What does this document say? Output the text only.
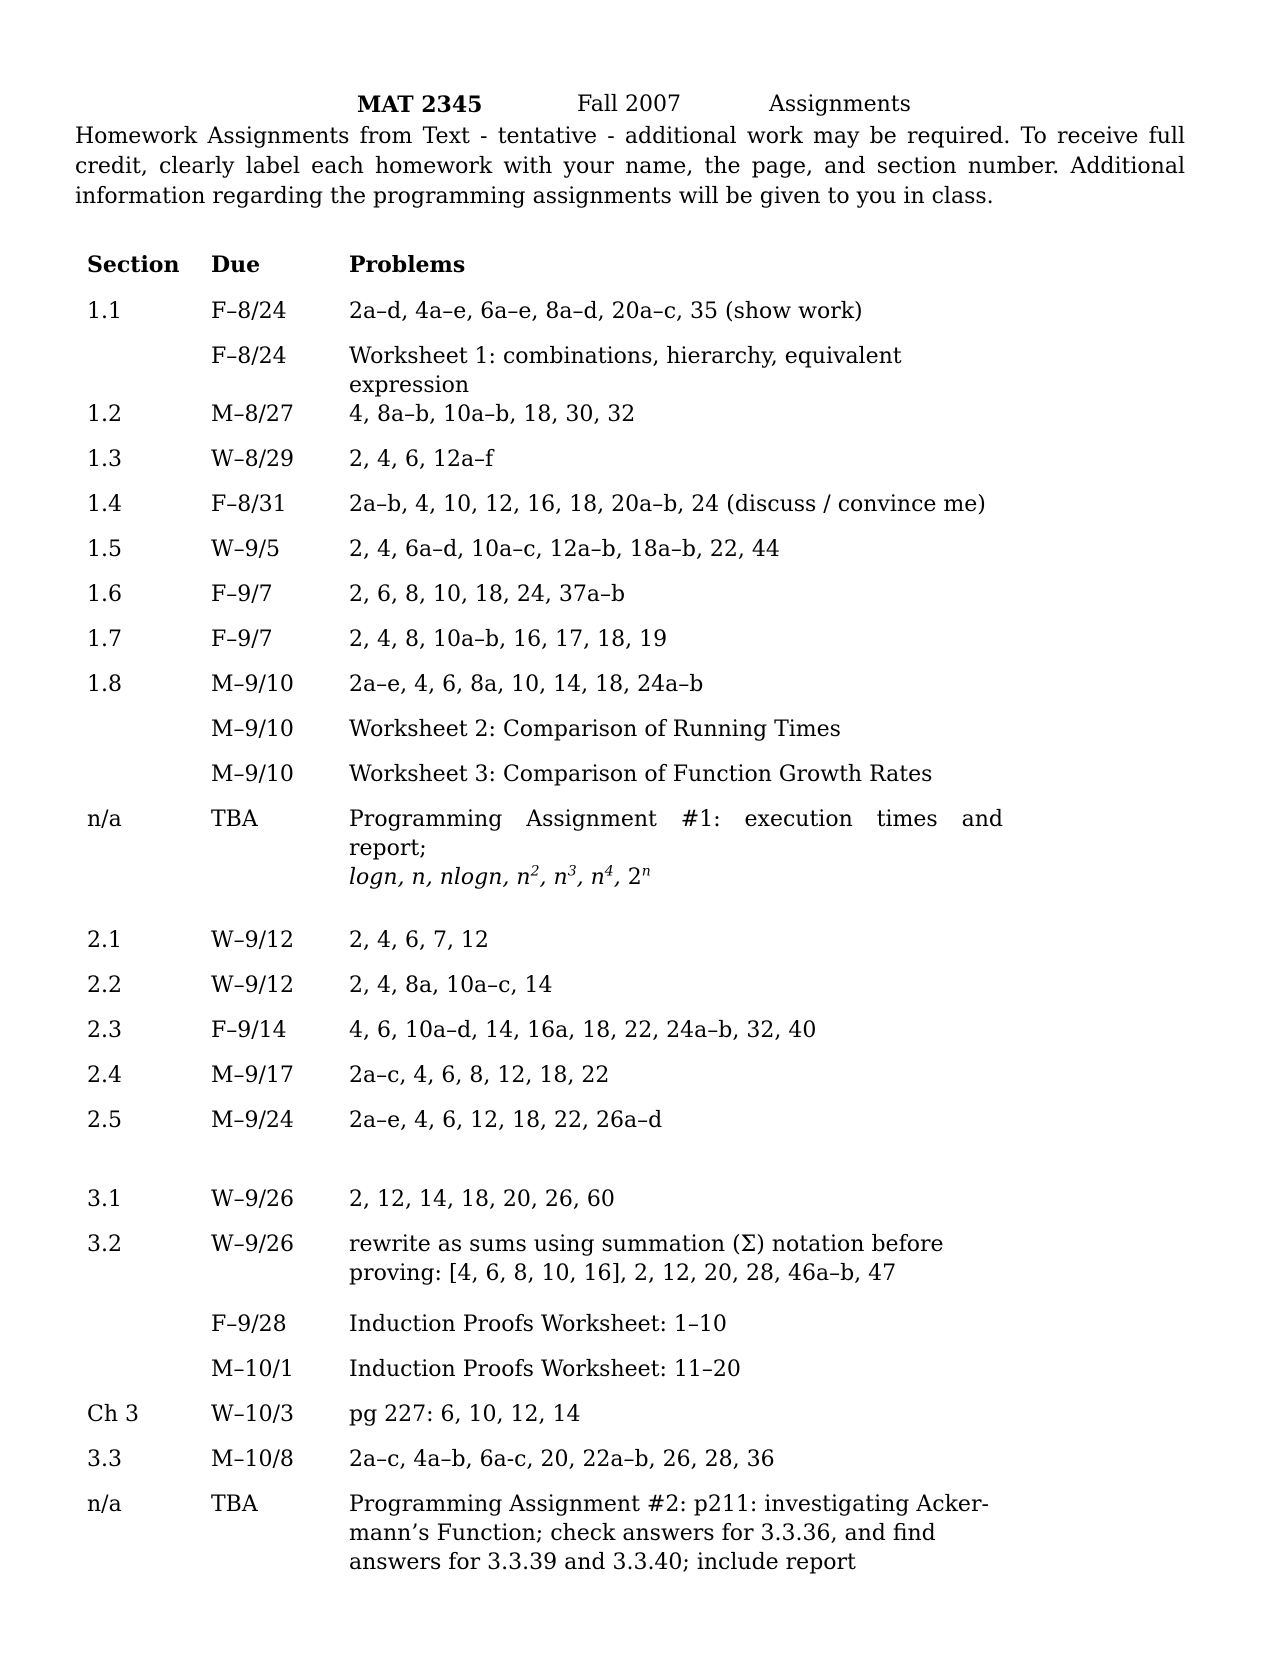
MAT 2345	Fall 2007	Assignments

Homework Assignments from Text - tentative - additional work may be required. To receive full credit, clearly label each homework with your name, the page, and section number. Additional information regarding the programming assignments will be given to you in class.

Section	Due	Problems
1.1	F–8/24	2a–d, 4a–e, 6a–e, 8a–d, 20a–c, 35 (show work)
	F–8/24	Worksheet 1: combinations, hierarchy, equivalent expression
1.2	M–8/27	4, 8a–b, 10a–b, 18, 30, 32
1.3	W–8/29	2, 4, 6, 12a–f
1.4	F–8/31	2a–b, 4, 10, 12, 16, 18, 20a–b, 24 (discuss / convince me)
1.5	W–9/5	2, 4, 6a–d, 10a–c, 12a–b, 18a–b, 22, 44
1.6	F–9/7	2, 6, 8, 10, 18, 24, 37a–b
1.7	F–9/7	2, 4, 8, 10a–b, 16, 17, 18, 19
1.8	M–9/10	2a–e, 4, 6, 8a, 10, 14, 18, 24a–b
	M–9/10	Worksheet 2: Comparison of Running Times
	M–9/10	Worksheet 3: Comparison of Function Growth Rates
n/a	TBA	Programming Assignment #1: execution times and report;
logn, n, nlogn, $n^2$, $n^3$, $n^4$, 2$^n$

2.1	W–9/12	2, 4, 6, 7, 12
2.2	W–9/12	2, 4, 8a, 10a–c, 14
2.3	F–9/14	4, 6, 10a–d, 14, 16a, 18, 22, 24a–b, 32, 40
2.4	M–9/17	2a–c, 4, 6, 8, 12, 18, 22
2.5	M–9/24	2a–e, 4, 6, 12, 18, 22, 26a–d

3.1	W–9/26	2, 12, 14, 18, 20, 26, 60
3.2	W–9/26	rewrite as sums using summation (Σ) notation before proving: [4, 6, 8, 10, 16], 2, 12, 20, 28, 46a–b, 47
	F–9/28	Induction Proofs Worksheet: 1–10
	M–10/1	Induction Proofs Worksheet: 11–20
Ch 3	W–10/3	pg 227: 6, 10, 12, 14
3.3	M–10/8	2a–c, 4a–b, 6a-c, 20, 22a–b, 26, 28, 36
n/a	TBA	Programming Assignment #2: p211: investigating Acker-mann’s Function; check answers for 3.3.36, and find answers for 3.3.39 and 3.3.40; include report
